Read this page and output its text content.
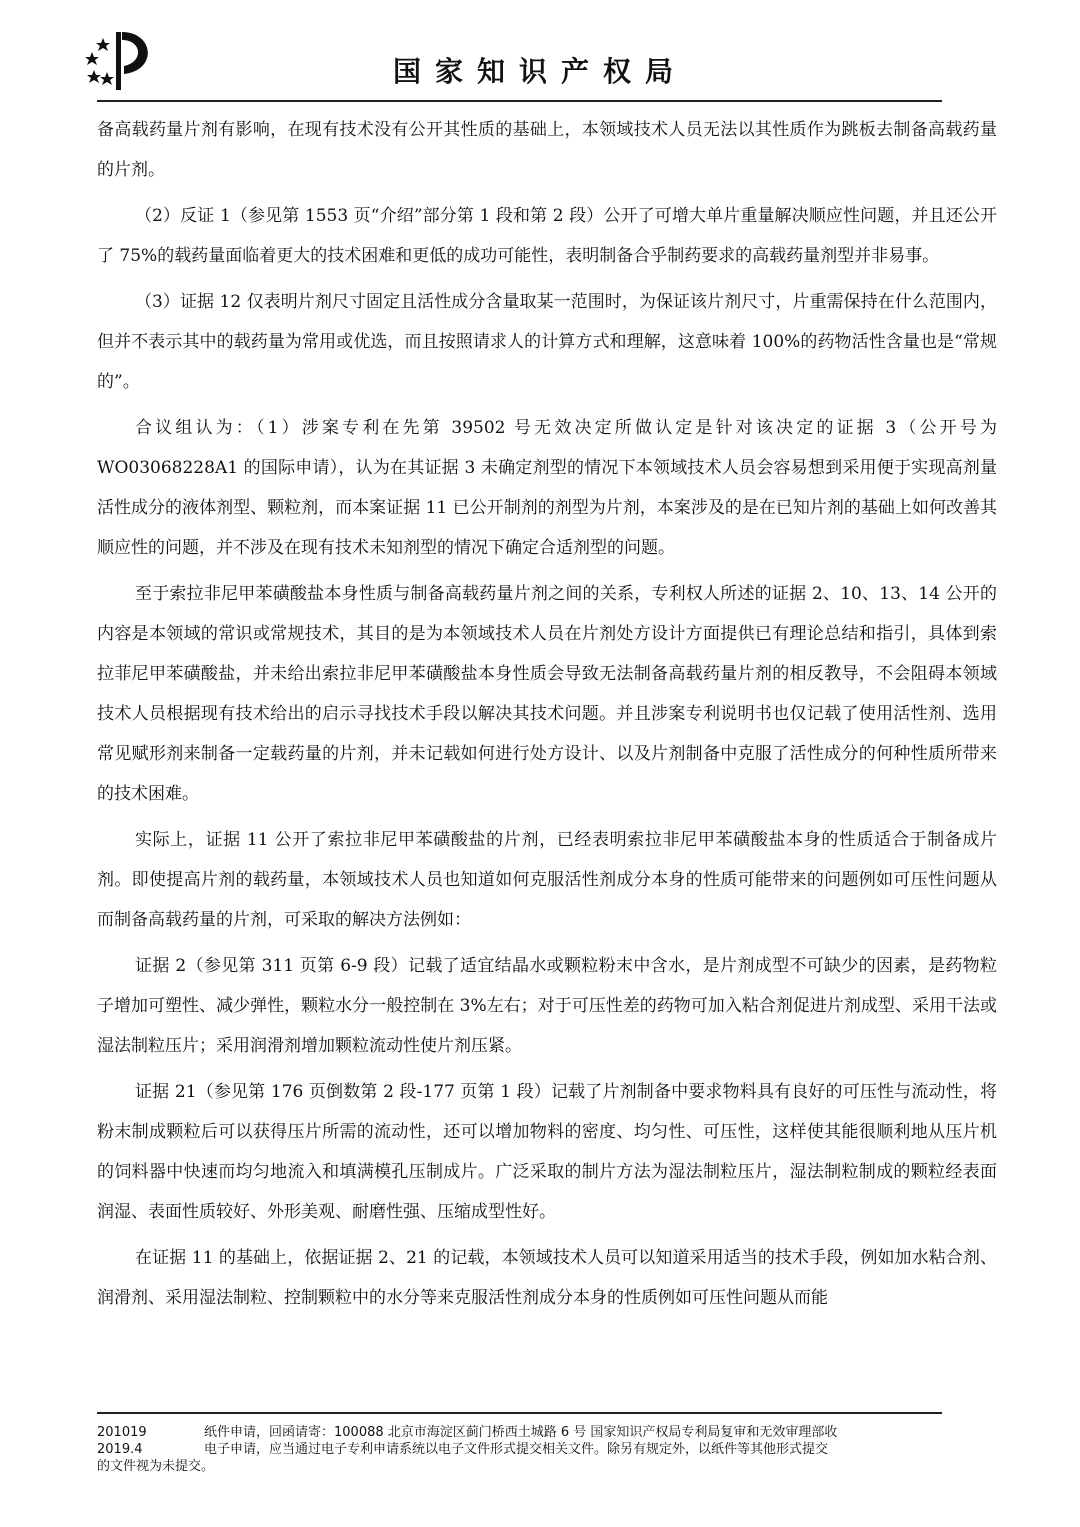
国家知识产权局

备高载药量片剂有影响，在现有技术没有公开其性质的基础上，本领域技术人员无法以其性质作为跳板去制备高载药量的片剂。

（2）反证 1（参见第 1553 页“介绍”部分第 1 段和第 2 段）公开了可增大单片重量解决顺应性问题，并且还公开了 75%的载药量面临着更大的技术困难和更低的成功可能性，表明制备合乎制药要求的高载药量剂型并非易事。

（3）证据 12 仅表明片剂尺寸固定且活性成分含量取某一范围时，为保证该片剂尺寸，片重需保持在什么范围内，但并不表示其中的载药量为常用或优选，而且按照请求人的计算方式和理解，这意味着 100%的药物活性含量也是“常规的”。

合议组认为：（1）涉案专利在先第 39502 号无效决定所做认定是针对该决定的证据 3（公开号为WO03068228A1 的国际申请），认为在其证据 3 未确定剂型的情况下本领域技术人员会容易想到采用便于实现高剂量活性成分的液体剂型、颗粒剂，而本案证据 11 已公开制剂的剂型为片剂，本案涉及的是在已知片剂的基础上如何改善其顺应性的问题，并不涉及在现有技术未知剂型的情况下确定合适剂型的问题。

至于索拉非尼甲苯磺酸盐本身性质与制备高载药量片剂之间的关系，专利权人所述的证据 2、10、13、14 公开的内容是本领域的常识或常规技术，其目的是为本领域技术人员在片剂处方设计方面提供已有理论总结和指引，具体到索拉菲尼甲苯磺酸盐，并未给出索拉非尼甲苯磺酸盐本身性质会导致无法制备高载药量片剂的相反教导，不会阻碍本领域技术人员根据现有技术给出的启示寻找技术手段以解决其技术问题。并且涉案专利说明书也仅记载了使用活性剂、选用常见赋形剂来制备一定载药量的片剂，并未记载如何进行处方设计、以及片剂制备中克服了活性成分的何种性质所带来的技术困难。

实际上，证据 11 公开了索拉非尼甲苯磺酸盐的片剂，已经表明索拉非尼甲苯磺酸盐本身的性质适合于制备成片剂。即使提高片剂的载药量，本领域技术人员也知道如何克服活性剂成分本身的性质可能带来的问题例如可压性问题从而制备高载药量的片剂，可采取的解决方法例如：

证据 2（参见第 311 页第 6-9 段）记载了适宜结晶水或颗粒粉末中含水，是片剂成型不可缺少的因素，是药物粒子增加可塑性、减少弹性，颗粒水分一般控制在 3%左右；对于可压性差的药物可加入粘合剂促进片剂成型、采用干法或湿法制粒压片；采用润滑剂增加颗粒流动性使片剂压紧。

证据 21（参见第 176 页倒数第 2 段-177 页第 1 段）记载了片剂制备中要求物料具有良好的可压性与流动性，将粉末制成颗粒后可以获得压片所需的流动性，还可以增加物料的密度、均匀性、可压性，这样使其能很顺利地从压片机的饲料器中快速而均匀地流入和填满模孔压制成片。广泛采取的制片方法为湿法制粒压片，湿法制粒制成的颗粒经表面润湿、表面性质较好、外形美观、耐磨性强、压缩成型性好。

在证据 11 的基础上，依据证据 2、21 的记载，本领域技术人员可以知道采用适当的技术手段，例如加水粘合剂、润滑剂、采用湿法制粒、控制颗粒中的水分等来克服活性剂成分本身的性质例如可压性问题从而能

201019	纸件申请，回函请寄：100088 北京市海淀区蓟门桥西土城路 6 号 国家知识产权局专利局复审和无效审理部收
2019.4	电子申请，应当通过电子专利申请系统以电子文件形式提交相关文件。除另有规定外，以纸件等其他形式提交
的文件视为未提交。
